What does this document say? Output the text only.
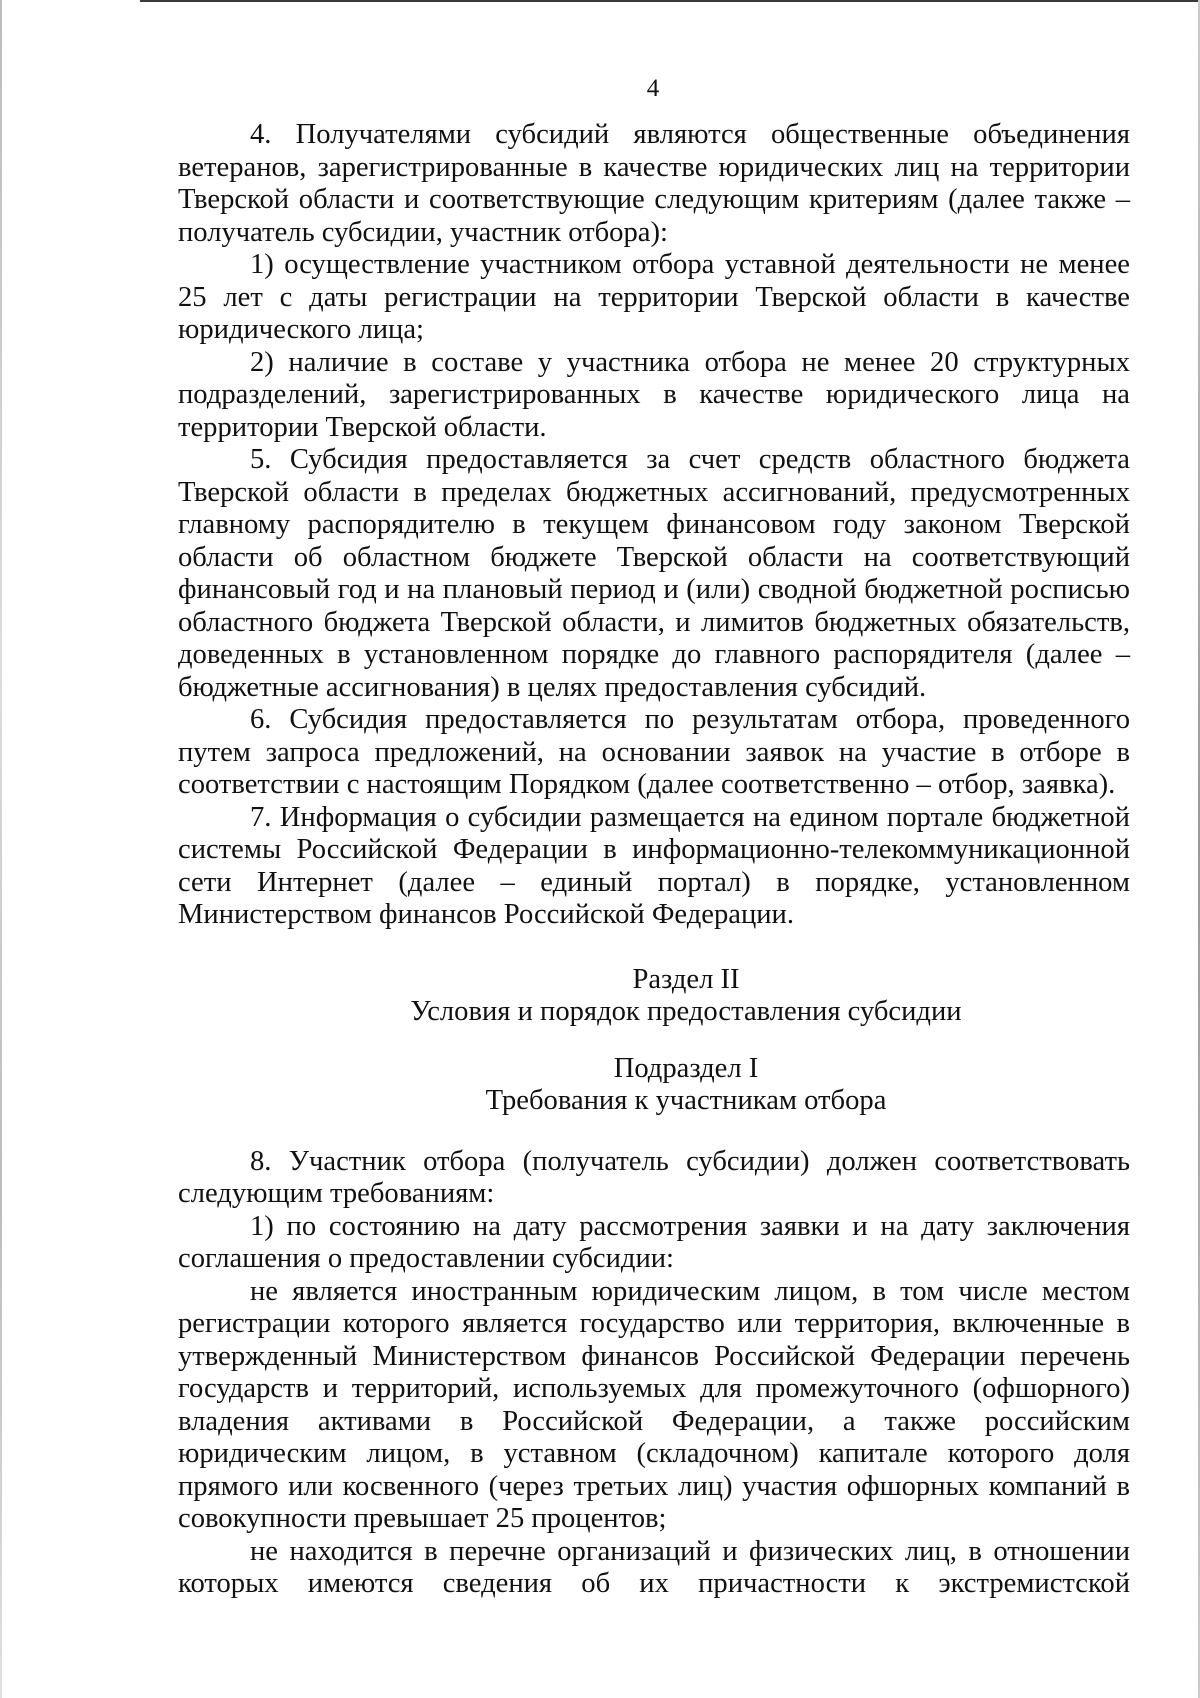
4

4. Получателями субсидий являются общественные объединения ветеранов, зарегистрированные в качестве юридических лиц на территории Тверской области и соответствующие следующим критериям (далее также – получатель субсидии, участник отбора):

1) осуществление участником отбора уставной деятельности не менее 25 лет с даты регистрации на территории Тверской области в качестве юридического лица;

2) наличие в составе у участника отбора не менее 20 структурных подразделений, зарегистрированных в качестве юридического лица на территории Тверской области.

5. Субсидия предоставляется за счет средств областного бюджета Тверской области в пределах бюджетных ассигнований, предусмотренных главному распорядителю в текущем финансовом году законом Тверской области об областном бюджете Тверской области на соответствующий финансовый год и на плановый период и (или) сводной бюджетной росписью областного бюджета Тверской области, и лимитов бюджетных обязательств, доведенных в установленном порядке до главного распорядителя (далее – бюджетные ассигнования) в целях предоставления субсидий.

6. Субсидия предоставляется по результатам отбора, проведенного путем запроса предложений, на основании заявок на участие в отборе в соответствии с настоящим Порядком (далее соответственно – отбор, заявка).

7. Информация о субсидии размещается на едином портале бюджетной системы Российской Федерации в информационно-телекоммуникационной сети Интернет (далее – единый портал) в порядке, установленном Министерством финансов Российской Федерации.

Раздел II

Условия и порядок предоставления субсидии

Подраздел I

Требования к участникам отбора

8. Участник отбора (получатель субсидии) должен соответствовать следующим требованиям:

1) по состоянию на дату рассмотрения заявки и на дату заключения соглашения о предоставлении субсидии:

не является иностранным юридическим лицом, в том числе местом регистрации которого является государство или территория, включенные в утвержденный Министерством финансов Российской Федерации перечень государств и территорий, используемых для промежуточного (офшорного) владения активами в Российской Федерации, а также российским юридическим лицом, в уставном (складочном) капитале которого доля прямого или косвенного (через третьих лиц) участия офшорных компаний в совокупности превышает 25 процентов;

не находится в перечне организаций и физических лиц, в отношении которых имеются сведения об их причастности к экстремистской
